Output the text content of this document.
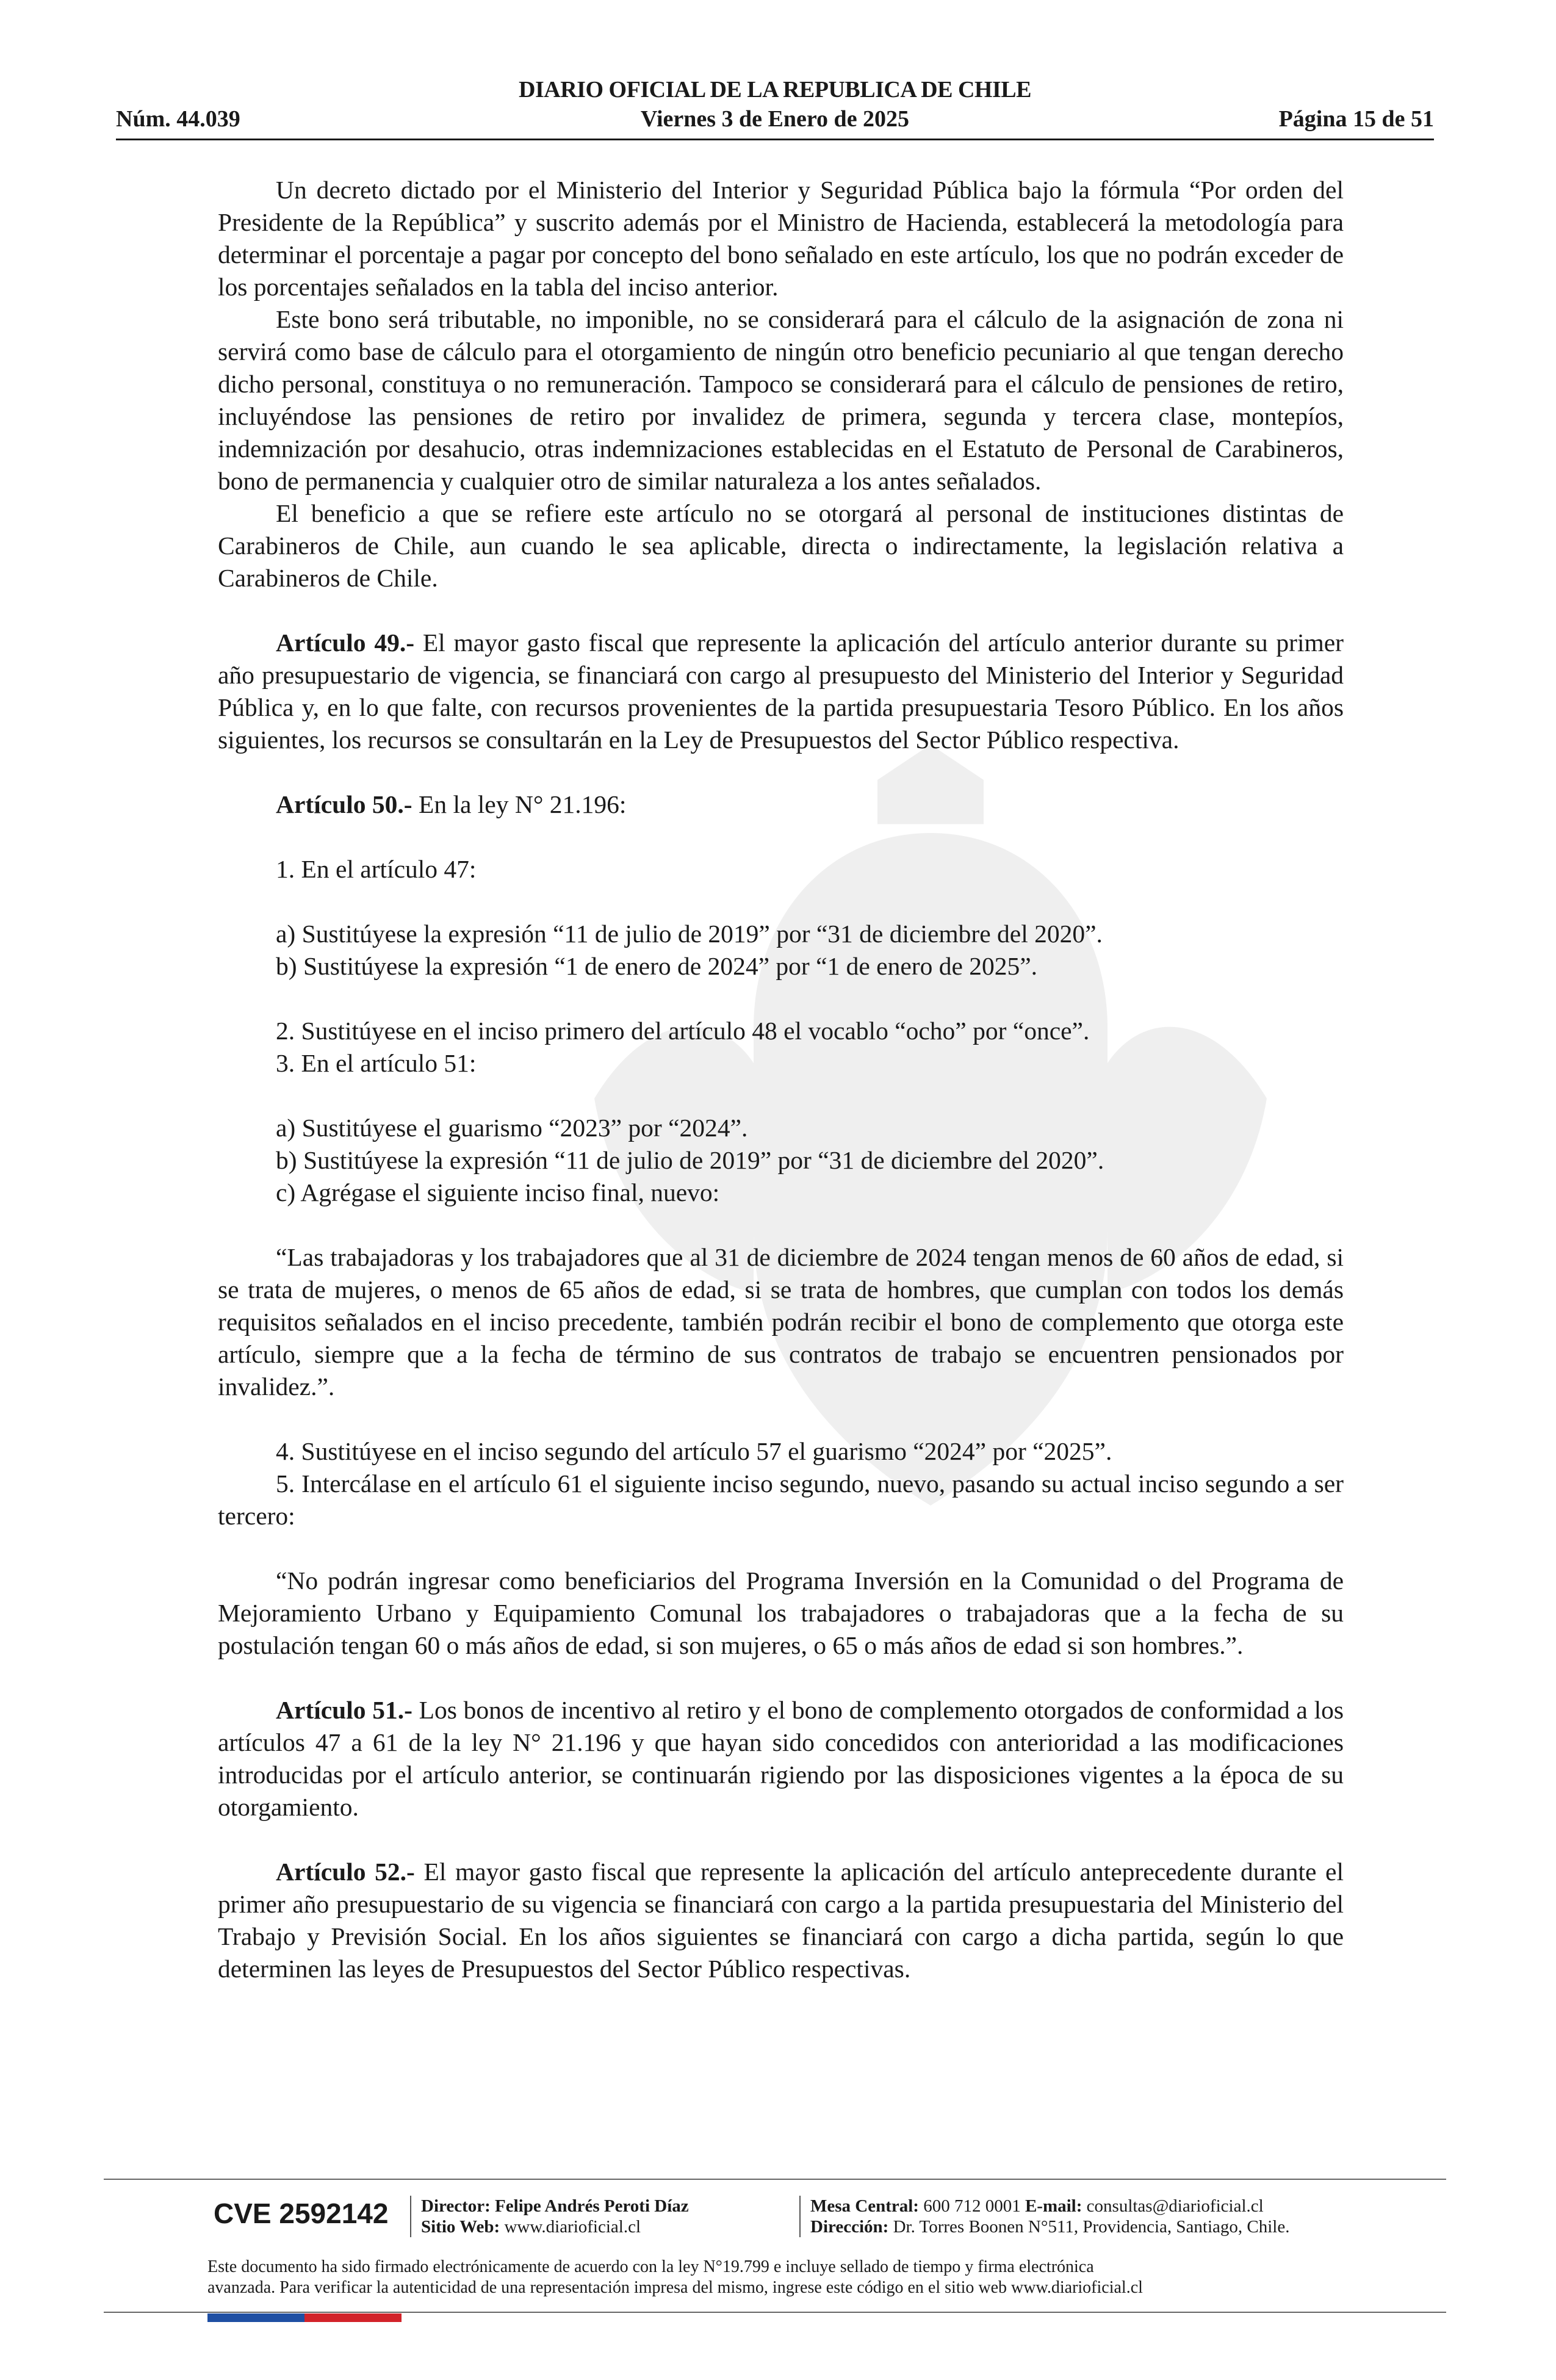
DIARIO OFICIAL DE LA REPUBLICA DE CHILE
Núm. 44.039	Viernes 3 de Enero de 2025	Página 15 de 51

Un decreto dictado por el Ministerio del Interior y Seguridad Pública bajo la fórmula “Por orden del Presidente de la República” y suscrito además por el Ministro de Hacienda, establecerá la metodología para determinar el porcentaje a pagar por concepto del bono señalado en este artículo, los que no podrán exceder de los porcentajes señalados en la tabla del inciso anterior.

Este bono será tributable, no imponible, no se considerará para el cálculo de la asignación de zona ni servirá como base de cálculo para el otorgamiento de ningún otro beneficio pecuniario al que tengan derecho dicho personal, constituya o no remuneración. Tampoco se considerará para el cálculo de pensiones de retiro, incluyéndose las pensiones de retiro por invalidez de primera, segunda y tercera clase, montepíos, indemnización por desahucio, otras indemnizaciones establecidas en el Estatuto de Personal de Carabineros, bono de permanencia y cualquier otro de similar naturaleza a los antes señalados.

El beneficio a que se refiere este artículo no se otorgará al personal de instituciones distintas de Carabineros de Chile, aun cuando le sea aplicable, directa o indirectamente, la legislación relativa a Carabineros de Chile.

Artículo 49.- El mayor gasto fiscal que represente la aplicación del artículo anterior durante su primer año presupuestario de vigencia, se financiará con cargo al presupuesto del Ministerio del Interior y Seguridad Pública y, en lo que falte, con recursos provenientes de la partida presupuestaria Tesoro Público. En los años siguientes, los recursos se consultarán en la Ley de Presupuestos del Sector Público respectiva.

Artículo 50.- En la ley N° 21.196:

1. En el artículo 47:

a) Sustitúyese la expresión “11 de julio de 2019” por “31 de diciembre del 2020”.

b) Sustitúyese la expresión “1 de enero de 2024” por “1 de enero de 2025”.

2. Sustitúyese en el inciso primero del artículo 48 el vocablo “ocho” por “once”.

3. En el artículo 51:

a) Sustitúyese el guarismo “2023” por “2024”.

b) Sustitúyese la expresión “11 de julio de 2019” por “31 de diciembre del 2020”.

c) Agrégase el siguiente inciso final, nuevo:

“Las trabajadoras y los trabajadores que al 31 de diciembre de 2024 tengan menos de 60 años de edad, si se trata de mujeres, o menos de 65 años de edad, si se trata de hombres, que cumplan con todos los demás requisitos señalados en el inciso precedente, también podrán recibir el bono de complemento que otorga este artículo, siempre que a la fecha de término de sus contratos de trabajo se encuentren pensionados por invalidez.”.

4. Sustitúyese en el inciso segundo del artículo 57 el guarismo “2024” por “2025”.

5. Intercálase en el artículo 61 el siguiente inciso segundo, nuevo, pasando su actual inciso segundo a ser tercero:

“No podrán ingresar como beneficiarios del Programa Inversión en la Comunidad o del Programa de Mejoramiento Urbano y Equipamiento Comunal los trabajadores o trabajadoras que a la fecha de su postulación tengan 60 o más años de edad, si son mujeres, o 65 o más años de edad si son hombres.”.

Artículo 51.- Los bonos de incentivo al retiro y el bono de complemento otorgados de conformidad a los artículos 47 a 61 de la ley N° 21.196 y que hayan sido concedidos con anterioridad a las modificaciones introducidas por el artículo anterior, se continuarán rigiendo por las disposiciones vigentes a la época de su otorgamiento.

Artículo 52.- El mayor gasto fiscal que represente la aplicación del artículo anteprecedente durante el primer año presupuestario de su vigencia se financiará con cargo a la partida presupuestaria del Ministerio del Trabajo y Previsión Social. En los años siguientes se financiará con cargo a dicha partida, según lo que determinen las leyes de Presupuestos del Sector Público respectivas.

CVE 2592142 Director: Felipe Andrés Peroti Díaz
Sitio Web: www.diarioficial.cl
Mesa Central: 600 712 0001 E-mail: consultas@diarioficial.cl
Dirección: Dr. Torres Boonen N°511, Providencia, Santiago, Chile.
Este documento ha sido firmado electrónicamente de acuerdo con la ley N°19.799 e incluye sellado de tiempo y firma electrónica
avanzada. Para verificar la autenticidad de una representación impresa del mismo, ingrese este código en el sitio web www.diarioficial.cl
